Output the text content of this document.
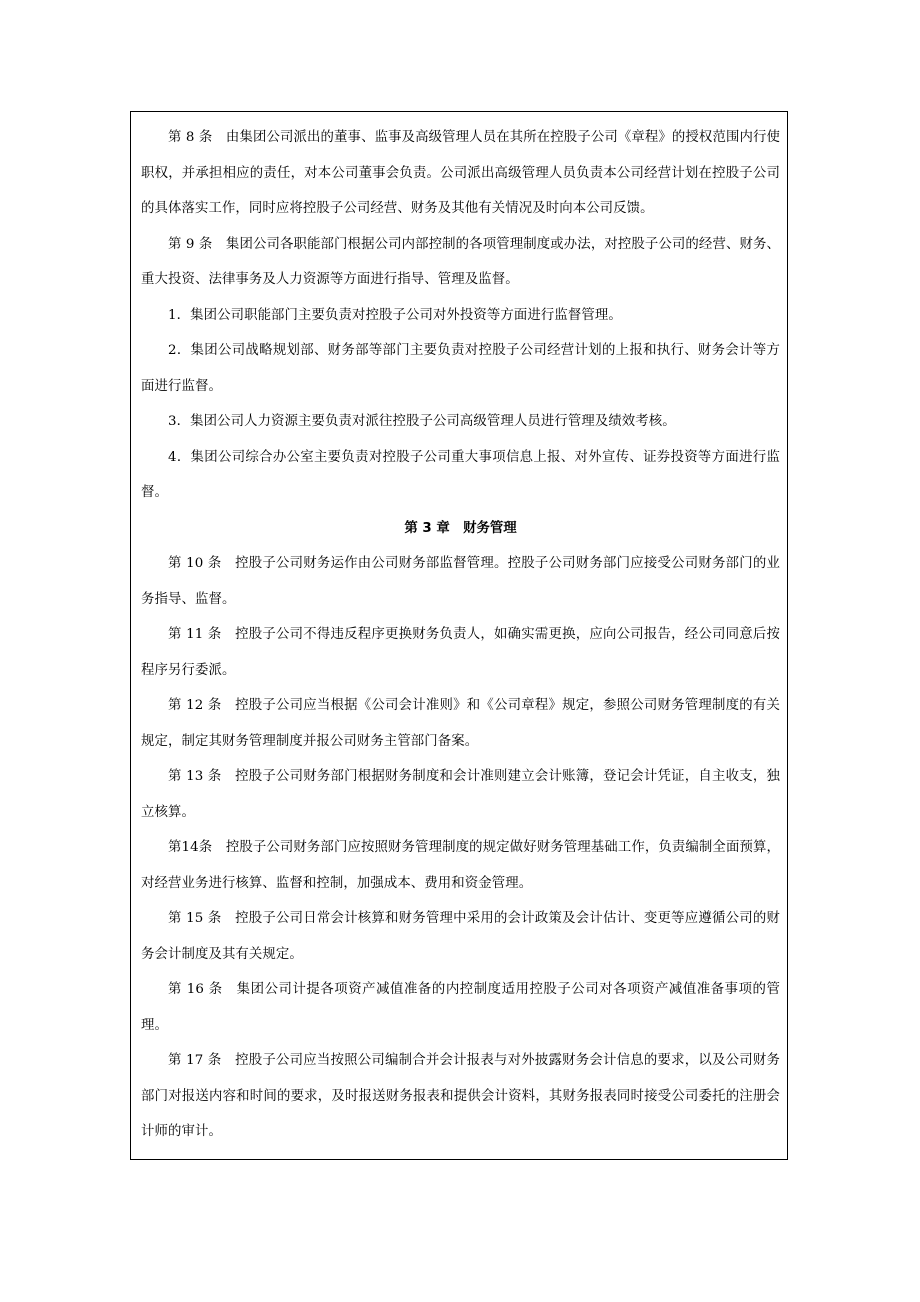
第 8 条　由集团公司派出的董事、监事及高级管理人员在其所在控股子公司《章程》的授权范围内行使职权，并承担相应的责任，对本公司董事会负责。公司派出高级管理人员负责本公司经营计划在控股子公司的具体落实工作，同时应将控股子公司经营、财务及其他有关情况及时向本公司反馈。

第 9 条　集团公司各职能部门根据公司内部控制的各项管理制度或办法，对控股子公司的经营、财务、重大投资、法律事务及人力资源等方面进行指导、管理及监督。

1．集团公司职能部门主要负责对控股子公司对外投资等方面进行监督管理。

2．集团公司战略规划部、财务部等部门主要负责对控股子公司经营计划的上报和执行、财务会计等方面进行监督。

3．集团公司人力资源主要负责对派往控股子公司高级管理人员进行管理及绩效考核。

4．集团公司综合办公室主要负责对控股子公司重大事项信息上报、对外宣传、证券投资等方面进行监督。

第 3 章　财务管理

第 10 条　控股子公司财务运作由公司财务部监督管理。控股子公司财务部门应接受公司财务部门的业务指导、监督。

第 11 条　控股子公司不得违反程序更换财务负责人，如确实需更换，应向公司报告，经公司同意后按程序另行委派。

第 12 条　控股子公司应当根据《公司会计准则》和《公司章程》规定，参照公司财务管理制度的有关规定，制定其财务管理制度并报公司财务主管部门备案。

第 13 条　控股子公司财务部门根据财务制度和会计准则建立会计账簿，登记会计凭证，自主收支，独立核算。

第14条　控股子公司财务部门应按照财务管理制度的规定做好财务管理基础工作，负责编制全面预算，对经营业务进行核算、监督和控制，加强成本、费用和资金管理。

第 15 条　控股子公司日常会计核算和财务管理中采用的会计政策及会计估计、变更等应遵循公司的财务会计制度及其有关规定。

第 16 条　集团公司计提各项资产减值准备的内控制度适用控股子公司对各项资产减值准备事项的管理。

第 17 条　控股子公司应当按照公司编制合并会计报表与对外披露财务会计信息的要求，以及公司财务部门对报送内容和时间的要求，及时报送财务报表和提供会计资料，其财务报表同时接受公司委托的注册会计师的审计。
